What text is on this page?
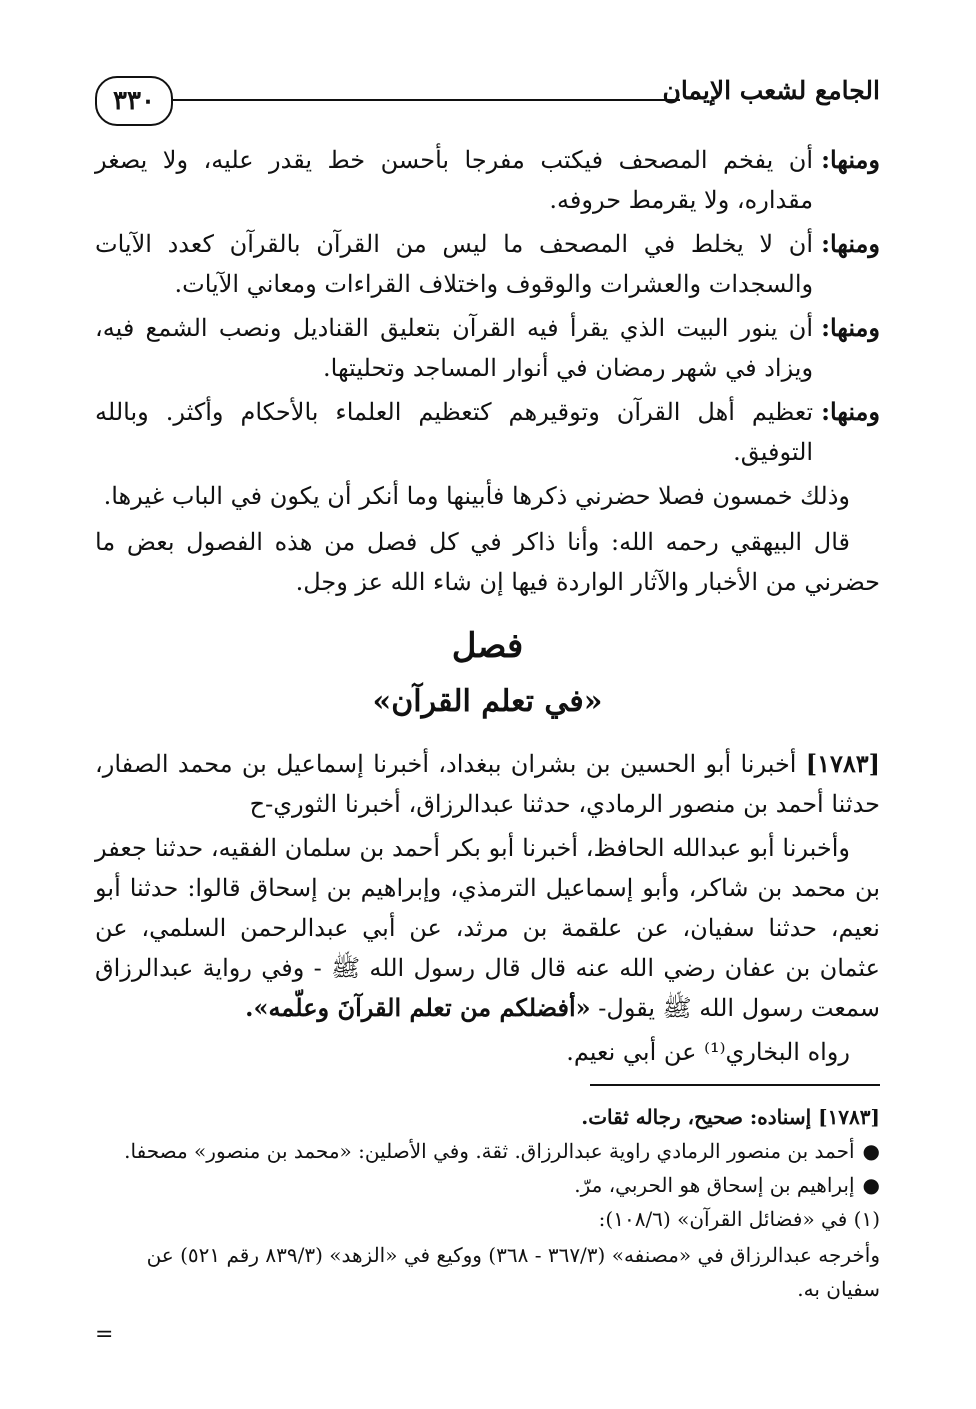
٣٣٠	الجامع لشعب الإيمان
ومنها:
أن يفخم المصحف فيكتب مفرجا بأحسن خط يقدر عليه، ولا يصغر مقداره، ولا يقرمط حروفه.
ومنها:
أن لا يخلط في المصحف ما ليس من القرآن بالقرآن كعدد الآيات والسجدات والعشرات والوقوف واختلاف القراءات ومعاني الآيات.
ومنها:
أن ينور البيت الذي يقرأ فيه القرآن بتعليق القناديل ونصب الشمع فيه، ويزاد في شهر رمضان في أنوار المساجد وتحليتها.
ومنها:
تعظيم أهل القرآن وتوقيرهم كتعظيم العلماء بالأحكام وأكثر. وبالله التوفيق.

وذلك خمسون فصلا حضرني ذكرها فأبينها وما أنكر أن يكون في الباب غيرها.

قال البيهقي رحمه الله: وأنا ذاكر في كل فصل من هذه الفصول بعض ما حضرني من الأخبار والآثار الواردة فيها إن شاء الله عز وجل.

فصل
«في تعلم القرآن»

[١٧٨٣] أخبرنا أبو الحسين بن بشران ببغداد، أخبرنا إسماعيل بن محمد الصفار، حدثنا أحمد بن منصور الرمادي، حدثنا عبدالرزاق، أخبرنا الثوري-ح

وأخبرنا أبو عبدالله الحافظ، أخبرنا أبو بكر أحمد بن سلمان الفقيه، حدثنا جعفر بن محمد بن شاكر، وأبو إسماعيل الترمذي، وإبراهيم بن إسحاق قالوا: حدثنا أبو نعيم، حدثنا سفيان، عن علقمة بن مرثد، عن أبي عبدالرحمن السلمي، عن عثمان بن عفان رضي الله عنه قال قال رسول الله ﷺ - وفي رواية عبدالرزاق سمعت رسول الله ﷺ يقول- «أفضلكم من تعلم القرآنَ وعلّمه».

رواه البخاري⁽¹⁾ عن أبي نعيم.

[١٧٨٣] إسناده: صحيح، رجاله ثقات.
●
أحمد بن منصور الرمادي راوية عبدالرزاق. ثقة. وفي الأصلين: «محمد بن منصور» مصحفا.
●
إبراهيم بن إسحاق هو الحربي، مرّ.
(١) في «فضائل القرآن» (١٠٨/٦):
وأخرجه عبدالرزاق في «مصنفه» (٣٦٧/٣ - ٣٦٨) ووكيع في «الزهد» (٨٣٩/٣ رقم ٥٢١) عن سفيان به.
=
